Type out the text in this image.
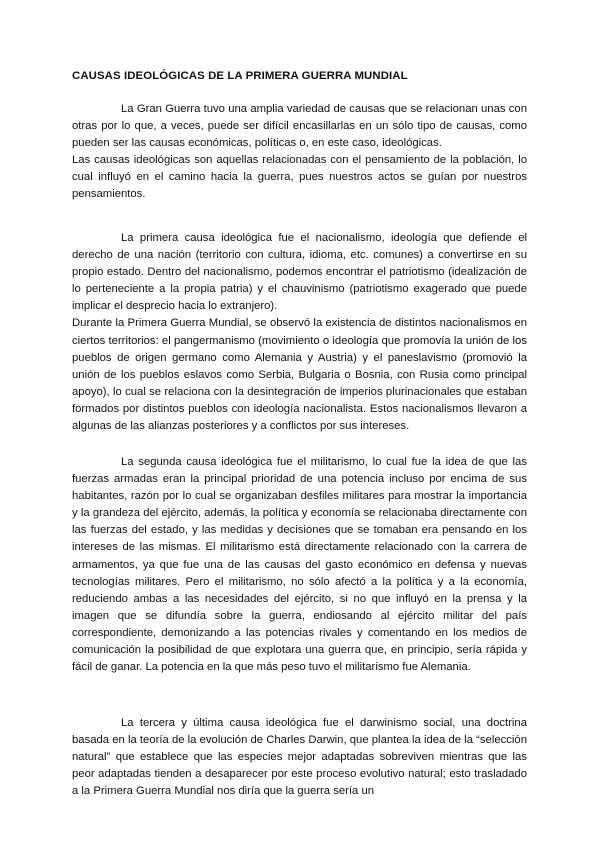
CAUSAS IDEOLÓGICAS DE LA PRIMERA GUERRA MUNDIAL

La Gran Guerra tuvo una amplia variedad de causas que se relacionan unas con otras por lo que, a veces, puede ser difícil encasillarlas en un sólo tipo de causas, como pueden ser las causas económicas, políticas o, en este caso, ideológicas.
Las causas ideológicas son aquellas relacionadas con el pensamiento de la población, lo cual influyó en el camino hacia la guerra, pues nuestros actos se guían por nuestros pensamientos.

La primera causa ideológica fue el nacionalismo, ideología que defiende el derecho de una nación (territorio con cultura, idioma, etc. comunes) a convertirse en su propio estado. Dentro del nacionalismo, podemos encontrar el patriotismo (idealización de lo perteneciente a la propia patria) y el chauvinismo (patriotismo exagerado que puede implicar el desprecio hacia lo extranjero).
Durante la Primera Guerra Mundial, se observó la existencia de distintos nacionalismos en ciertos territorios: el pangermanismo (movimiento o ideología que promovía la unión de los pueblos de origen germano como Alemania y Austria) y el paneslavismo (promovió la unión de los pueblos eslavos como Serbia, Bulgaria o Bosnia, con Rusia como principal apoyo), lo cual se relaciona con la desintegración de imperios plurinacionales que estaban formados por distintos pueblos con ideología nacionalista. Estos nacionalismos llevaron a algunas de las alianzas posteriores y a conflictos por sus intereses.

La segunda causa ideológica fue el militarismo, lo cual fue la idea de que las fuerzas armadas eran la principal prioridad de una potencia incluso por encima de sus habitantes, razón por lo cual se organizaban desfiles militares para mostrar la importancia y la grandeza del ejército, además, la política y economía se relacionaba directamente con las fuerzas del estado, y las medidas y decisiones que se tomaban era pensando en los intereses de las mismas. El militarismo está directamente relacionado con la carrera de armamentos, ya que fue una de las causas del gasto económico en defensa y nuevas tecnologías militares. Pero el militarismo, no sólo afectó a la política y a la economía, reduciendo ambas a las necesidades del ejército, si no que influyó en la prensa y la imagen que se difundía sobre la guerra, endiosando al ejército militar del país correspondiente, demonizando a las potencias rivales y comentando en los medios de comunicación la posibilidad de que explotara una guerra que, en principio, sería rápida y fácil de ganar. La potencia en la que más peso tuvo el militarismo fue Alemania.

La tercera y última causa ideológica fue el darwinismo social, una doctrina basada en la teoría de la evolución de Charles Darwin, que plantea la idea de la “selección natural” que establece que las especies mejor adaptadas sobreviven mientras que las peor adaptadas tienden a desaparecer por este proceso evolutivo natural; esto trasladado a la Primera Guerra Mundial nos diría que la guerra sería un
